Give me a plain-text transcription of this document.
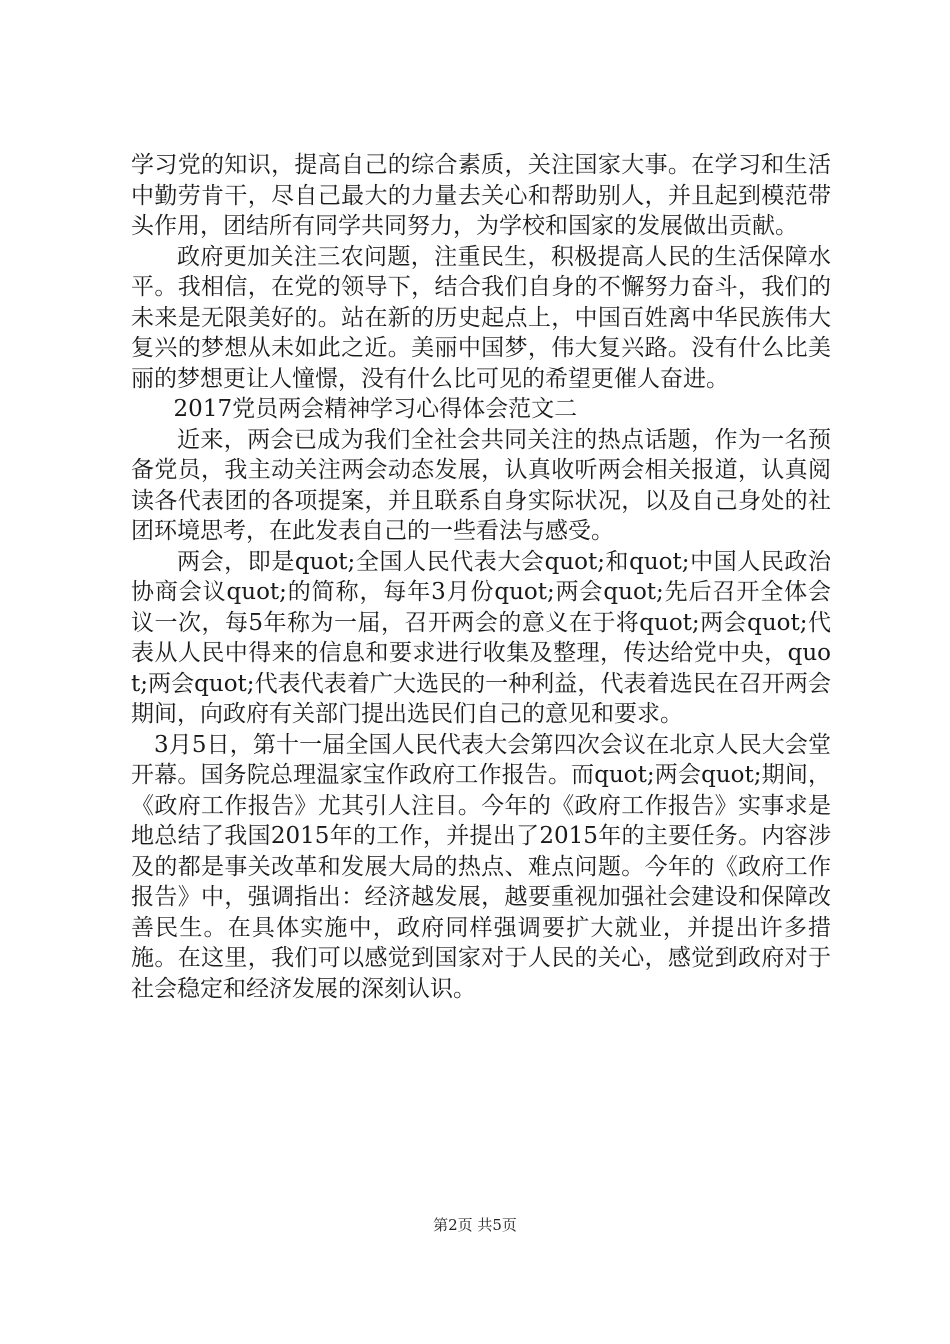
学习党的知识，提高自己的综合素质，关注国家大事。在学习和生活中勤劳肯干，尽自己最大的力量去关心和帮助别人，并且起到模范带头作用，团结所有同学共同努力，为学校和国家的发展做出贡献。

政府更加关注三农问题，注重民生，积极提高人民的生活保障水平。我相信，在党的领导下，结合我们自身的不懈努力奋斗，我们的未来是无限美好的。站在新的历史起点上，中国百姓离中华民族伟大复兴的梦想从未如此之近。美丽中国梦，伟大复兴路。没有什么比美丽的梦想更让人憧憬，没有什么比可见的希望更催人奋进。

2017党员两会精神学习心得体会范文二

近来，两会已成为我们全社会共同关注的热点话题，作为一名预备党员，我主动关注两会动态发展，认真收听两会相关报道，认真阅读各代表团的各项提案，并且联系自身实际状况，以及自己身处的社团环境思考，在此发表自己的一些看法与感受。

两会，即是quot;全国人民代表大会quot;和quot;中国人民政治协商会议quot;的简称，每年3月份quot;两会quot;先后召开全体会议一次，每5年称为一届，召开两会的意义在于将quot;两会quot;代表从人民中得来的信息和要求进行收集及整理，传达给党中央，quot;两会quot;代表代表着广大选民的一种利益，代表着选民在召开两会期间，向政府有关部门提出选民们自己的意见和要求。

3月5日，第十一届全国人民代表大会第四次会议在北京人民大会堂开幕。国务院总理温家宝作政府工作报告。而quot;两会quot;期间，《政府工作报告》尤其引人注目。今年的《政府工作报告》实事求是地总结了我国2015年的工作，并提出了2015年的主要任务。内容涉及的都是事关改革和发展大局的热点、难点问题。今年的《政府工作报告》中，强调指出：经济越发展，越要重视加强社会建设和保障改善民生。在具体实施中，政府同样强调要扩大就业，并提出许多措施。在这里，我们可以感觉到国家对于人民的关心，感觉到政府对于社会稳定和经济发展的深刻认识。

第2页 共5页
